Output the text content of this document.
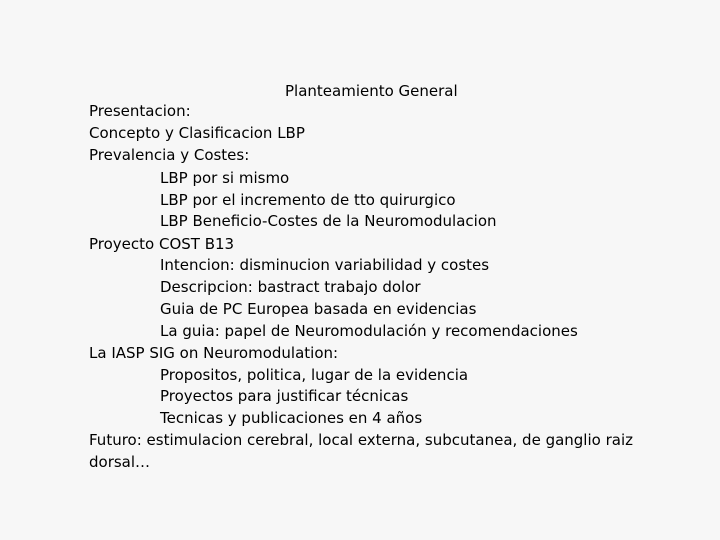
Planteamiento General
Presentacion:
Concepto y Clasificacion LBP
Prevalencia y Costes:
LBP por si mismo
LBP por el incremento de tto quirurgico
LBP Beneficio-Costes de la Neuromodulacion
Proyecto COST B13
Intencion: disminucion variabilidad y costes
Descripcion: bastract trabajo dolor
Guia de PC Europea basada en evidencias
La guia: papel de Neuromodulación y recomendaciones
La IASP SIG on Neuromodulation:
Propositos, politica, lugar de la evidencia
Proyectos para justificar técnicas
Tecnicas y publicaciones en 4 años
Futuro: estimulacion cerebral, local externa, subcutanea, de ganglio raiz
dorsal…
